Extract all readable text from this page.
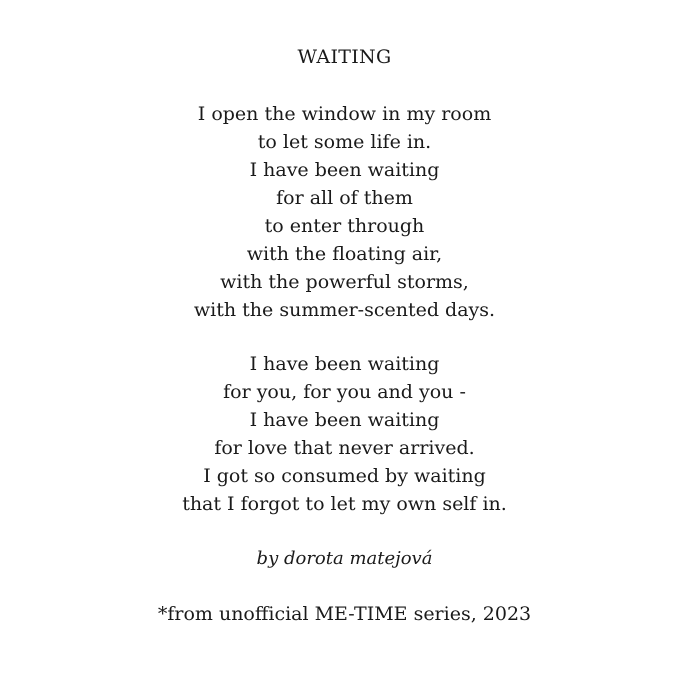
WAITING
I open the window in my room
to let some life in.
I have been waiting
for all of them
to enter through
with the floating air,
with the powerful storms,
with the summer-scented days.
I have been waiting
for you, for you and you -
I have been waiting
for love that never arrived.
I got so consumed by waiting
that I forgot to let my own self in.
by dorota matejová
*from unofficial ME-TIME series, 2023
